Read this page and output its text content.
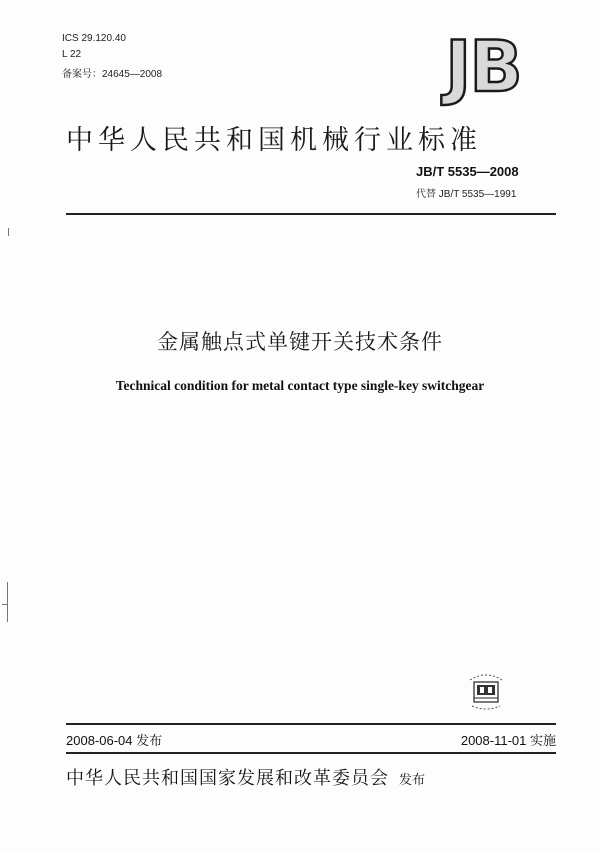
ICS 29.120.40
L 22
备案号：24645—2008	JB
中华人民共和国机械行业标准
JB/T 5535—2008
代替 JB/T 5535—1991
金属触点式单键开关技术条件
Technical condition for metal contact type single-key switchgear
2008-06-04 发布	2008-11-01 实施
中华人民共和国国家发展和改革委员会 发布
